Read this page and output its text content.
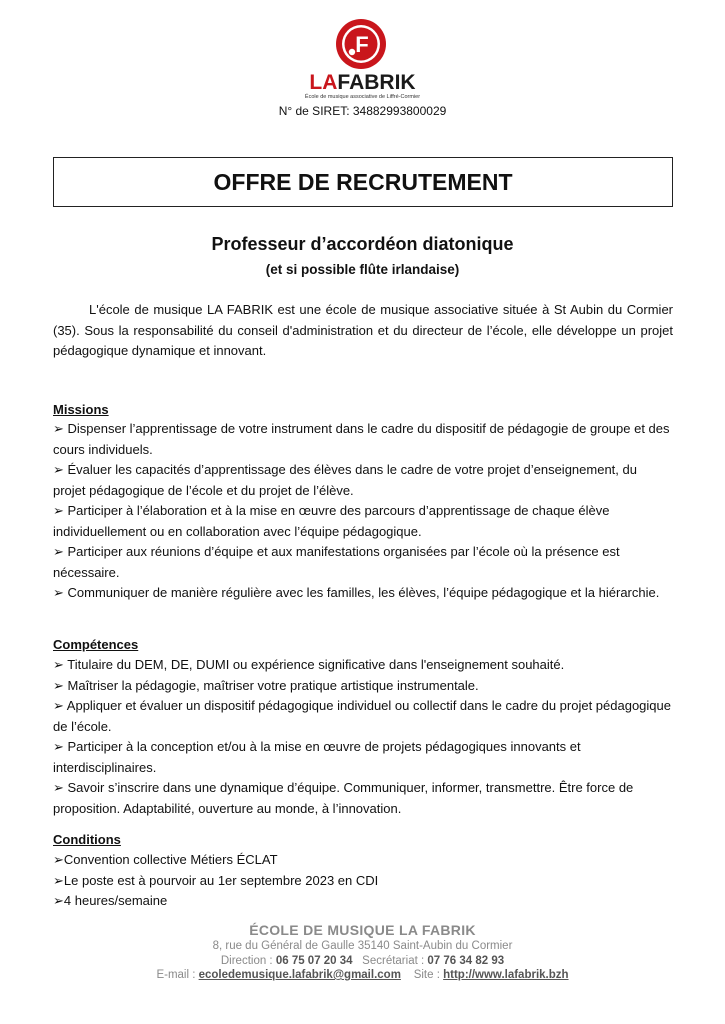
F
LAFABRIK
École de musique associative de Liffré-Cormier
N° de SIRET: 34882993800029
OFFRE DE RECRUTEMENT
Professeur d’accordéon diatonique
(et si possible flûte irlandaise)

L'école de musique LA FABRIK est une école de musique associative située à St Aubin du Cormier (35). Sous la responsabilité du conseil d'administration et du directeur de l’école, elle développe un projet pédagogique dynamique et innovant.

Missions
➢ Dispenser l’apprentissage de votre instrument dans le cadre du dispositif de pédagogie de groupe et des cours individuels.
➢ Évaluer les capacités d’apprentissage des élèves dans le cadre de votre projet d’enseignement, du projet pédagogique de l’école et du projet de l’élève.
➢ Participer à l’élaboration et à la mise en œuvre des parcours d’apprentissage de chaque élève individuellement ou en collaboration avec l’équipe pédagogique.
➢ Participer aux réunions d’équipe et aux manifestations organisées par l’école où la présence est nécessaire.
➢ Communiquer de manière régulière avec les familles, les élèves, l’équipe pédagogique et la hiérarchie.
Compétences
➢ Titulaire du DEM, DE, DUMI ou expérience significative dans l'enseignement souhaité.
➢ Maîtriser la pédagogie, maîtriser votre pratique artistique instrumentale.
➢ Appliquer et évaluer un dispositif pédagogique individuel ou collectif dans le cadre du projet pédagogique de l’école.
➢ Participer à la conception et/ou à la mise en œuvre de projets pédagogiques innovants et interdisciplinaires.
➢ Savoir s’inscrire dans une dynamique d’équipe. Communiquer, informer, transmettre. Être force de proposition. Adaptabilité, ouverture au monde, à l’innovation.
Conditions
➢Convention collective Métiers ÉCLAT
➢Le poste est à pourvoir au 1er septembre 2023 en CDI
➢4 heures/semaine
ÉCOLE DE MUSIQUE LA FABRIK
8, rue du Général de Gaulle 35140 Saint-Aubin du Cormier
Direction : 06 75 07 20 34 Secrétariat : 07 76 34 82 93
E-mail : ecoledemusique.lafabrik@gmail.com Site : http://www.lafabrik.bzh
